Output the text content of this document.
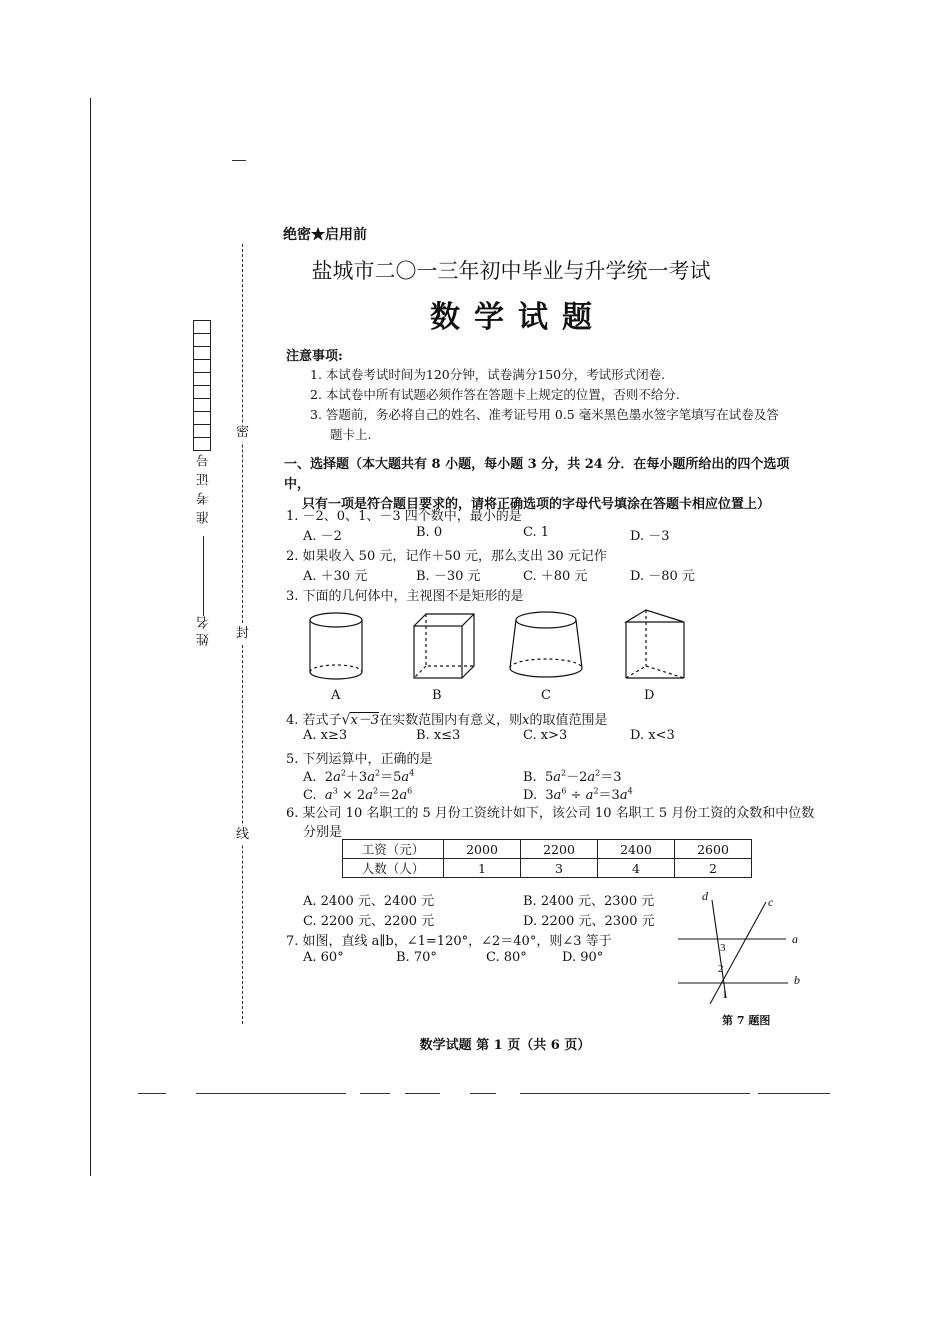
密
封
线
准考证号
姓名
绝密★启用前
盐城市二〇一三年初中毕业与升学统一考试
数学试题
注意事项:
1. 本试卷考试时间为120分钟，试卷满分150分，考试形式闭卷.
2. 本试卷中所有试题必须作答在答题卡上规定的位置，否则不给分.
3. 答题前，务必将自己的姓名、准考证号用 0.5 毫米黑色墨水签字笔填写在试卷及答
题卡上.
一、选择题（本大题共有 8 小题，每小题 3 分，共 24 分．在每小题所给出的四个选项中，
只有一项是符合题目要求的，请将正确选项的字母代号填涂在答题卡相应位置上）
1. －2、0、1、－3 四个数中，最小的是
A. －2	B. 0	C. 1	D. －3
2. 如果收入 50 元，记作＋50 元，那么支出 30 元记作
A. ＋30 元	B. －30 元	C. ＋80 元	D. －80 元
3. 下面的几何体中，主视图不是矩形的是
A	B	C	D
4. 若式子√x－3在实数范围内有意义，则x的取值范围是
A. x≥3	B. x≤3	C. x>3	D. x<3
5. 下列运算中，正确的是
A.  $2a^2+3a^2=5a^4$	B.  $5a^2-2a^2=3$
C.  $a^3 \times 2a^2=2a^6$	D.  $3a^6 \div a^2=3a^4$
6. 某公司 10 名职工的 5 月份工资统计如下，该公司 10 名职工 5 月份工资的众数和中位数
分别是
工资（元）	2000	2200	2400	2600
人数（人）	1	3	4	2
A. 2400 元、2400 元	B. 2400 元、2300 元
C. 2200 元、2200 元	D. 2200 元、2300 元
7. 如图，直线 a∥b，∠1=120°，∠2＝40°，则∠3 等于
A. 60°	B. 70°	C. 80°	D. 90°
d	c
a
b
3
2
1
第 7 题图
数学试题 第 1 页（共 6 页）
